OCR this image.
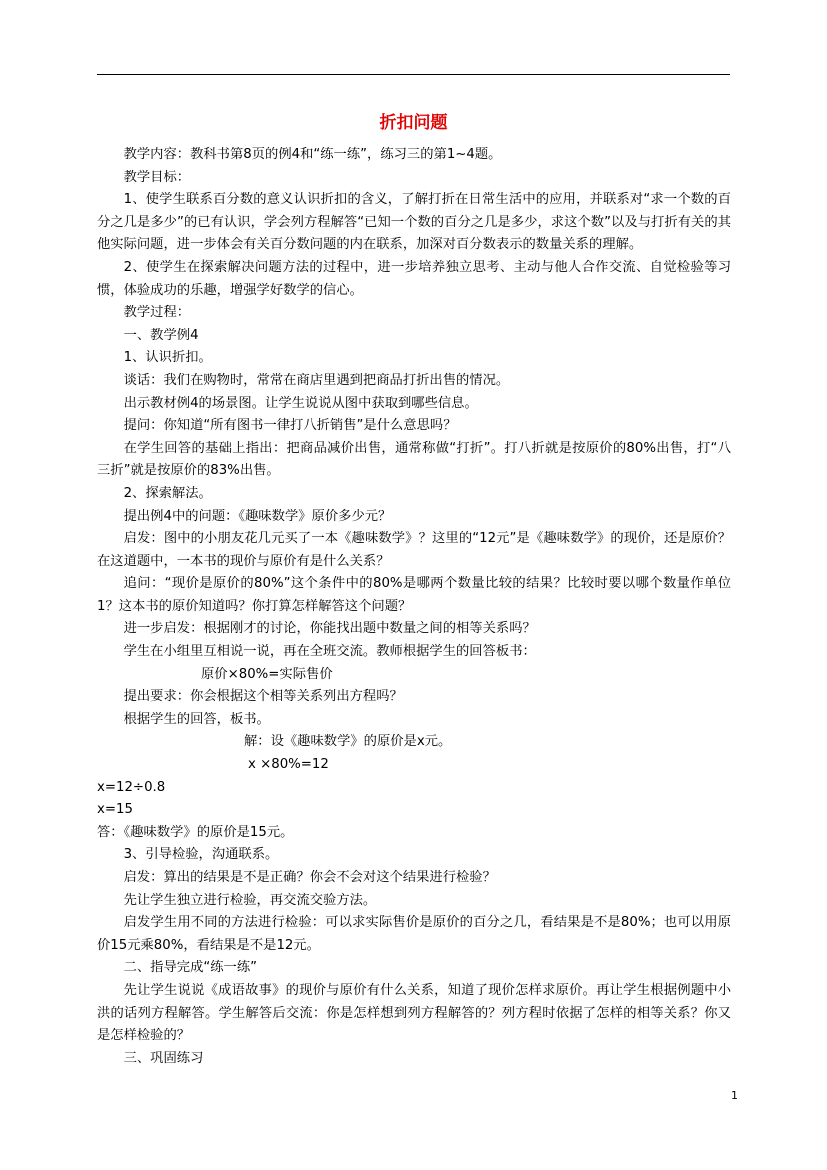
折扣问题

教学内容：教科书第8页的例4和“练一练”，练习三的第1~4题。

教学目标：

1、使学生联系百分数的意义认识折扣的含义，了解打折在日常生活中的应用，并联系对“求一个数的百分之几是多少”的已有认识，学会列方程解答“已知一个数的百分之几是多少，求这个数”以及与打折有关的其他实际问题，进一步体会有关百分数问题的内在联系，加深对百分数表示的数量关系的理解。

2、使学生在探索解决问题方法的过程中，进一步培养独立思考、主动与他人合作交流、自觉检验等习惯，体验成功的乐趣，增强学好数学的信心。

教学过程：

一、教学例4

1、认识折扣。

谈话：我们在购物时，常常在商店里遇到把商品打折出售的情况。

出示教材例4的场景图。让学生说说从图中获取到哪些信息。

提问：你知道“所有图书一律打八折销售”是什么意思吗？

在学生回答的基础上指出：把商品减价出售，通常称做“打折”。打八折就是按原价的80%出售，打“八三折”就是按原价的83%出售。

2、探索解法。

提出例4中的问题：《趣味数学》原价多少元？

启发：图中的小朋友花几元买了一本《趣味数学》？这里的“12元”是《趣味数学》的现价，还是原价？在这道题中，一本书的现价与原价有是什么关系？

追问：“现价是原价的80%”这个条件中的80%是哪两个数量比较的结果？比较时要以哪个数量作单位1？这本书的原价知道吗？你打算怎样解答这个问题？

进一步启发：根据刚才的讨论，你能找出题中数量之间的相等关系吗？

学生在小组里互相说一说，再在全班交流。教师根据学生的回答板书：

原价×80%=实际售价

提出要求：你会根据这个相等关系列出方程吗？

根据学生的回答，板书。

解：设《趣味数学》的原价是x元。

x ×80%=12

x=12÷0.8

x=15

答：《趣味数学》的原价是15元。

3、引导检验，沟通联系。

启发：算出的结果是不是正确？你会不会对这个结果进行检验？

先让学生独立进行检验，再交流交验方法。

启发学生用不同的方法进行检验：可以求实际售价是原价的百分之几，看结果是不是80%；也可以用原价15元乘80%，看结果是不是12元。

二、指导完成“练一练”

先让学生说说《成语故事》的现价与原价有什么关系，知道了现价怎样求原价。再让学生根据例题中小洪的话列方程解答。学生解答后交流：你是怎样想到列方程解答的？列方程时依据了怎样的相等关系？你又是怎样检验的？

三、巩固练习

1
